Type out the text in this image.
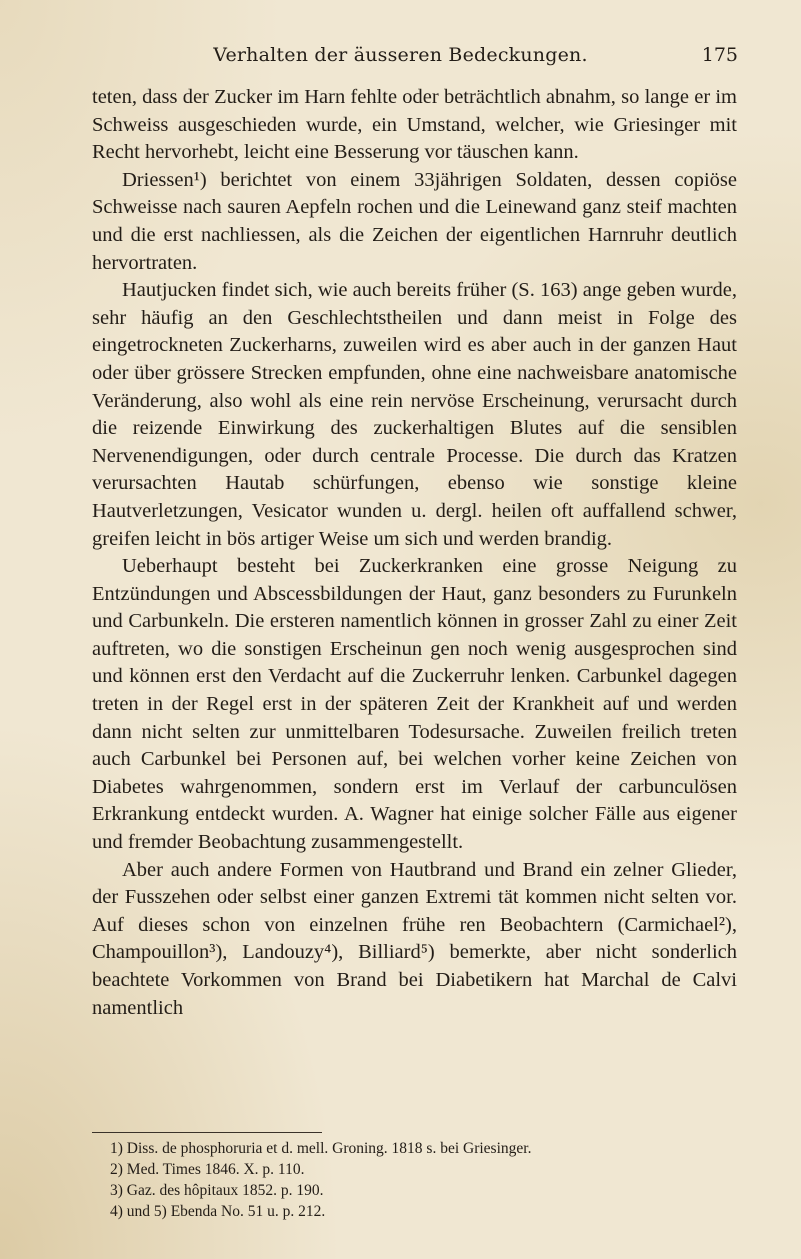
Verhalten der äusseren Bedeckungen.	175

teten, dass der Zucker im Harn fehlte oder beträchtlich abnahm, so lange er im Schweiss ausgeschieden wurde, ein Umstand, welcher, wie Griesinger mit Recht hervorhebt, leicht eine Besserung vor täuschen kann.

Driessen¹) berichtet von einem 33jährigen Soldaten, dessen copiöse Schweisse nach sauren Aepfeln rochen und die Leinewand ganz steif machten und die erst nachliessen, als die Zeichen der eigentlichen Harnruhr deutlich hervortraten.

Hautjucken findet sich, wie auch bereits früher (S. 163) ange geben wurde, sehr häufig an den Geschlechtstheilen und dann meist in Folge des eingetrockneten Zuckerharns, zuweilen wird es aber auch in der ganzen Haut oder über grössere Strecken empfunden, ohne eine nachweisbare anatomische Veränderung, also wohl als eine rein nervöse Erscheinung, verursacht durch die reizende Einwirkung des zuckerhaltigen Blutes auf die sensiblen Nervenendigungen, oder durch centrale Processe. Die durch das Kratzen verursachten Hautab schürfungen, ebenso wie sonstige kleine Hautverletzungen, Vesicator wunden u. dergl. heilen oft auffallend schwer, greifen leicht in bös artiger Weise um sich und werden brandig.

Ueberhaupt besteht bei Zuckerkranken eine grosse Neigung zu Entzündungen und Abscessbildungen der Haut, ganz besonders zu Furunkeln und Carbunkeln. Die ersteren namentlich können in grosser Zahl zu einer Zeit auftreten, wo die sonstigen Erscheinun gen noch wenig ausgesprochen sind und können erst den Verdacht auf die Zuckerruhr lenken. Carbunkel dagegen treten in der Regel erst in der späteren Zeit der Krankheit auf und werden dann nicht selten zur unmittelbaren Todesursache. Zuweilen freilich treten auch Carbunkel bei Personen auf, bei welchen vorher keine Zeichen von Diabetes wahrgenommen, sondern erst im Verlauf der carbunculösen Erkrankung entdeckt wurden. A. Wagner hat einige solcher Fälle aus eigener und fremder Beobachtung zusammengestellt.

Aber auch andere Formen von Hautbrand und Brand ein zelner Glieder, der Fusszehen oder selbst einer ganzen Extremi tät kommen nicht selten vor. Auf dieses schon von einzelnen frühe ren Beobachtern (Carmichael²), Champouillon³), Landouzy⁴), Billiard⁵) bemerkte, aber nicht sonderlich beachtete Vorkommen von Brand bei Diabetikern hat Marchal de Calvi namentlich

1) Diss. de phosphoruria et d. mell. Groning. 1818 s. bei Griesinger.
2) Med. Times 1846. X. p. 110.
3) Gaz. des hôpitaux 1852. p. 190.
4) und 5) Ebenda No. 51 u. p. 212.
